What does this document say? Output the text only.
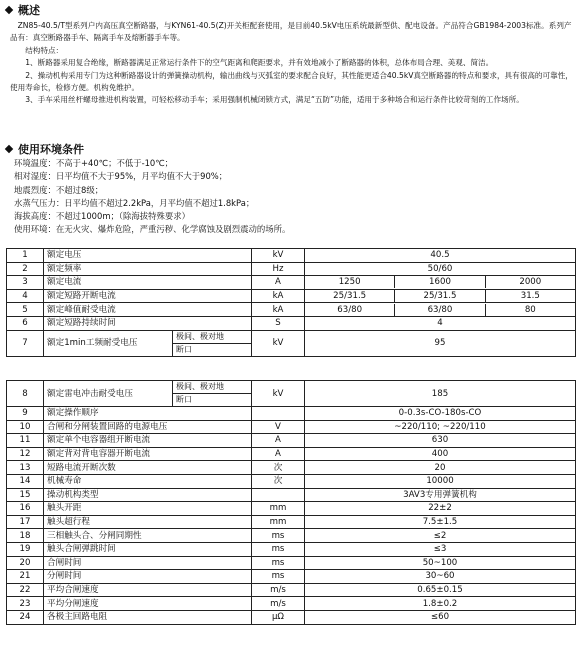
概述

ZN85-40.5/T型系列户内高压真空断路器，与KYN61-40.5(Z)开关柜配套使用，是目前40.5kV电压系统最新型供、配电设备。产品符合GB1984-2003标准。系列产品有：真空断路器手车、隔离手车及熔断器手车等。

结构特点：

1、断路器采用复合绝缘，断路器满足正常运行条件下的空气距离和爬距要求，并有效地减小了断路器的体积，总体布局合理、美观、简洁。

2、操动机构采用专门为这种断路器设计的弹簧操动机构，输出曲线与灭弧室的要求配合良好，其性能更适合40.5kV真空断路器的特点和要求，具有很高的可靠性，使用寿命长，检修方便。机构免维护。

3、手车采用丝杆螺母推进机构装置，可轻松移动手车；采用强制机械闭锁方式，满足“五防”功能，适用于多种场合和运行条件比较苛刻的工作场所。

使用环境条件
环境温度：不高于+40℃；不低于-10℃；
相对湿度：日平均值不大于95%，月平均值不大于90%；
地震烈度：不超过8级；
水蒸气压力：日平均值不超过2.2kPa，月平均值不超过1.8kPa；
海拔高度：不超过1000m；（除海拔特殊要求）
使用环境：在无火灾、爆炸危险，严重污秽、化学腐蚀及剧烈震动的场所。
1	额定电压		kV	40.5
2	额定频率		Hz	50/60
3	额定电流		A	1250 1600 2000

4	额定短路开断电流		kA	25/31.5 25/31.5 31.5

5	额定峰值耐受电流		kA	63/80 63/80 80

6	额定短路持续时间		S	4
7	额定1min工频耐受电压	极间、极对地
断口	kV	95
8	额定雷电冲击耐受电压	极间、极对地
断口	kV	185
9	额定操作顺序			0-0.3s-CO-180s-CO
10	合闸和分闸装置回路的电源电压		V	~220/110; ~220/110
11	额定单个电容器组开断电流		A	630
12	额定背对背电容器开断电流		A	400
13	短路电流开断次数		次	20
14	机械寿命		次	10000
15	操动机构类型			3AV3专用弹簧机构
16	触头开距		mm	22±2
17	触头超行程		mm	7.5±1.5
18	三相触头合、分闸同期性		ms	≤2
19	触头合闸弹跳时间		ms	≤3
20	合闸时间		ms	50~100
21	分闸时间		ms	30~60
22	平均合闸速度		m/s	0.65±0.15
23	平均分闸速度		m/s	1.8±0.2
24	各极主回路电阻		μΩ	≤60
